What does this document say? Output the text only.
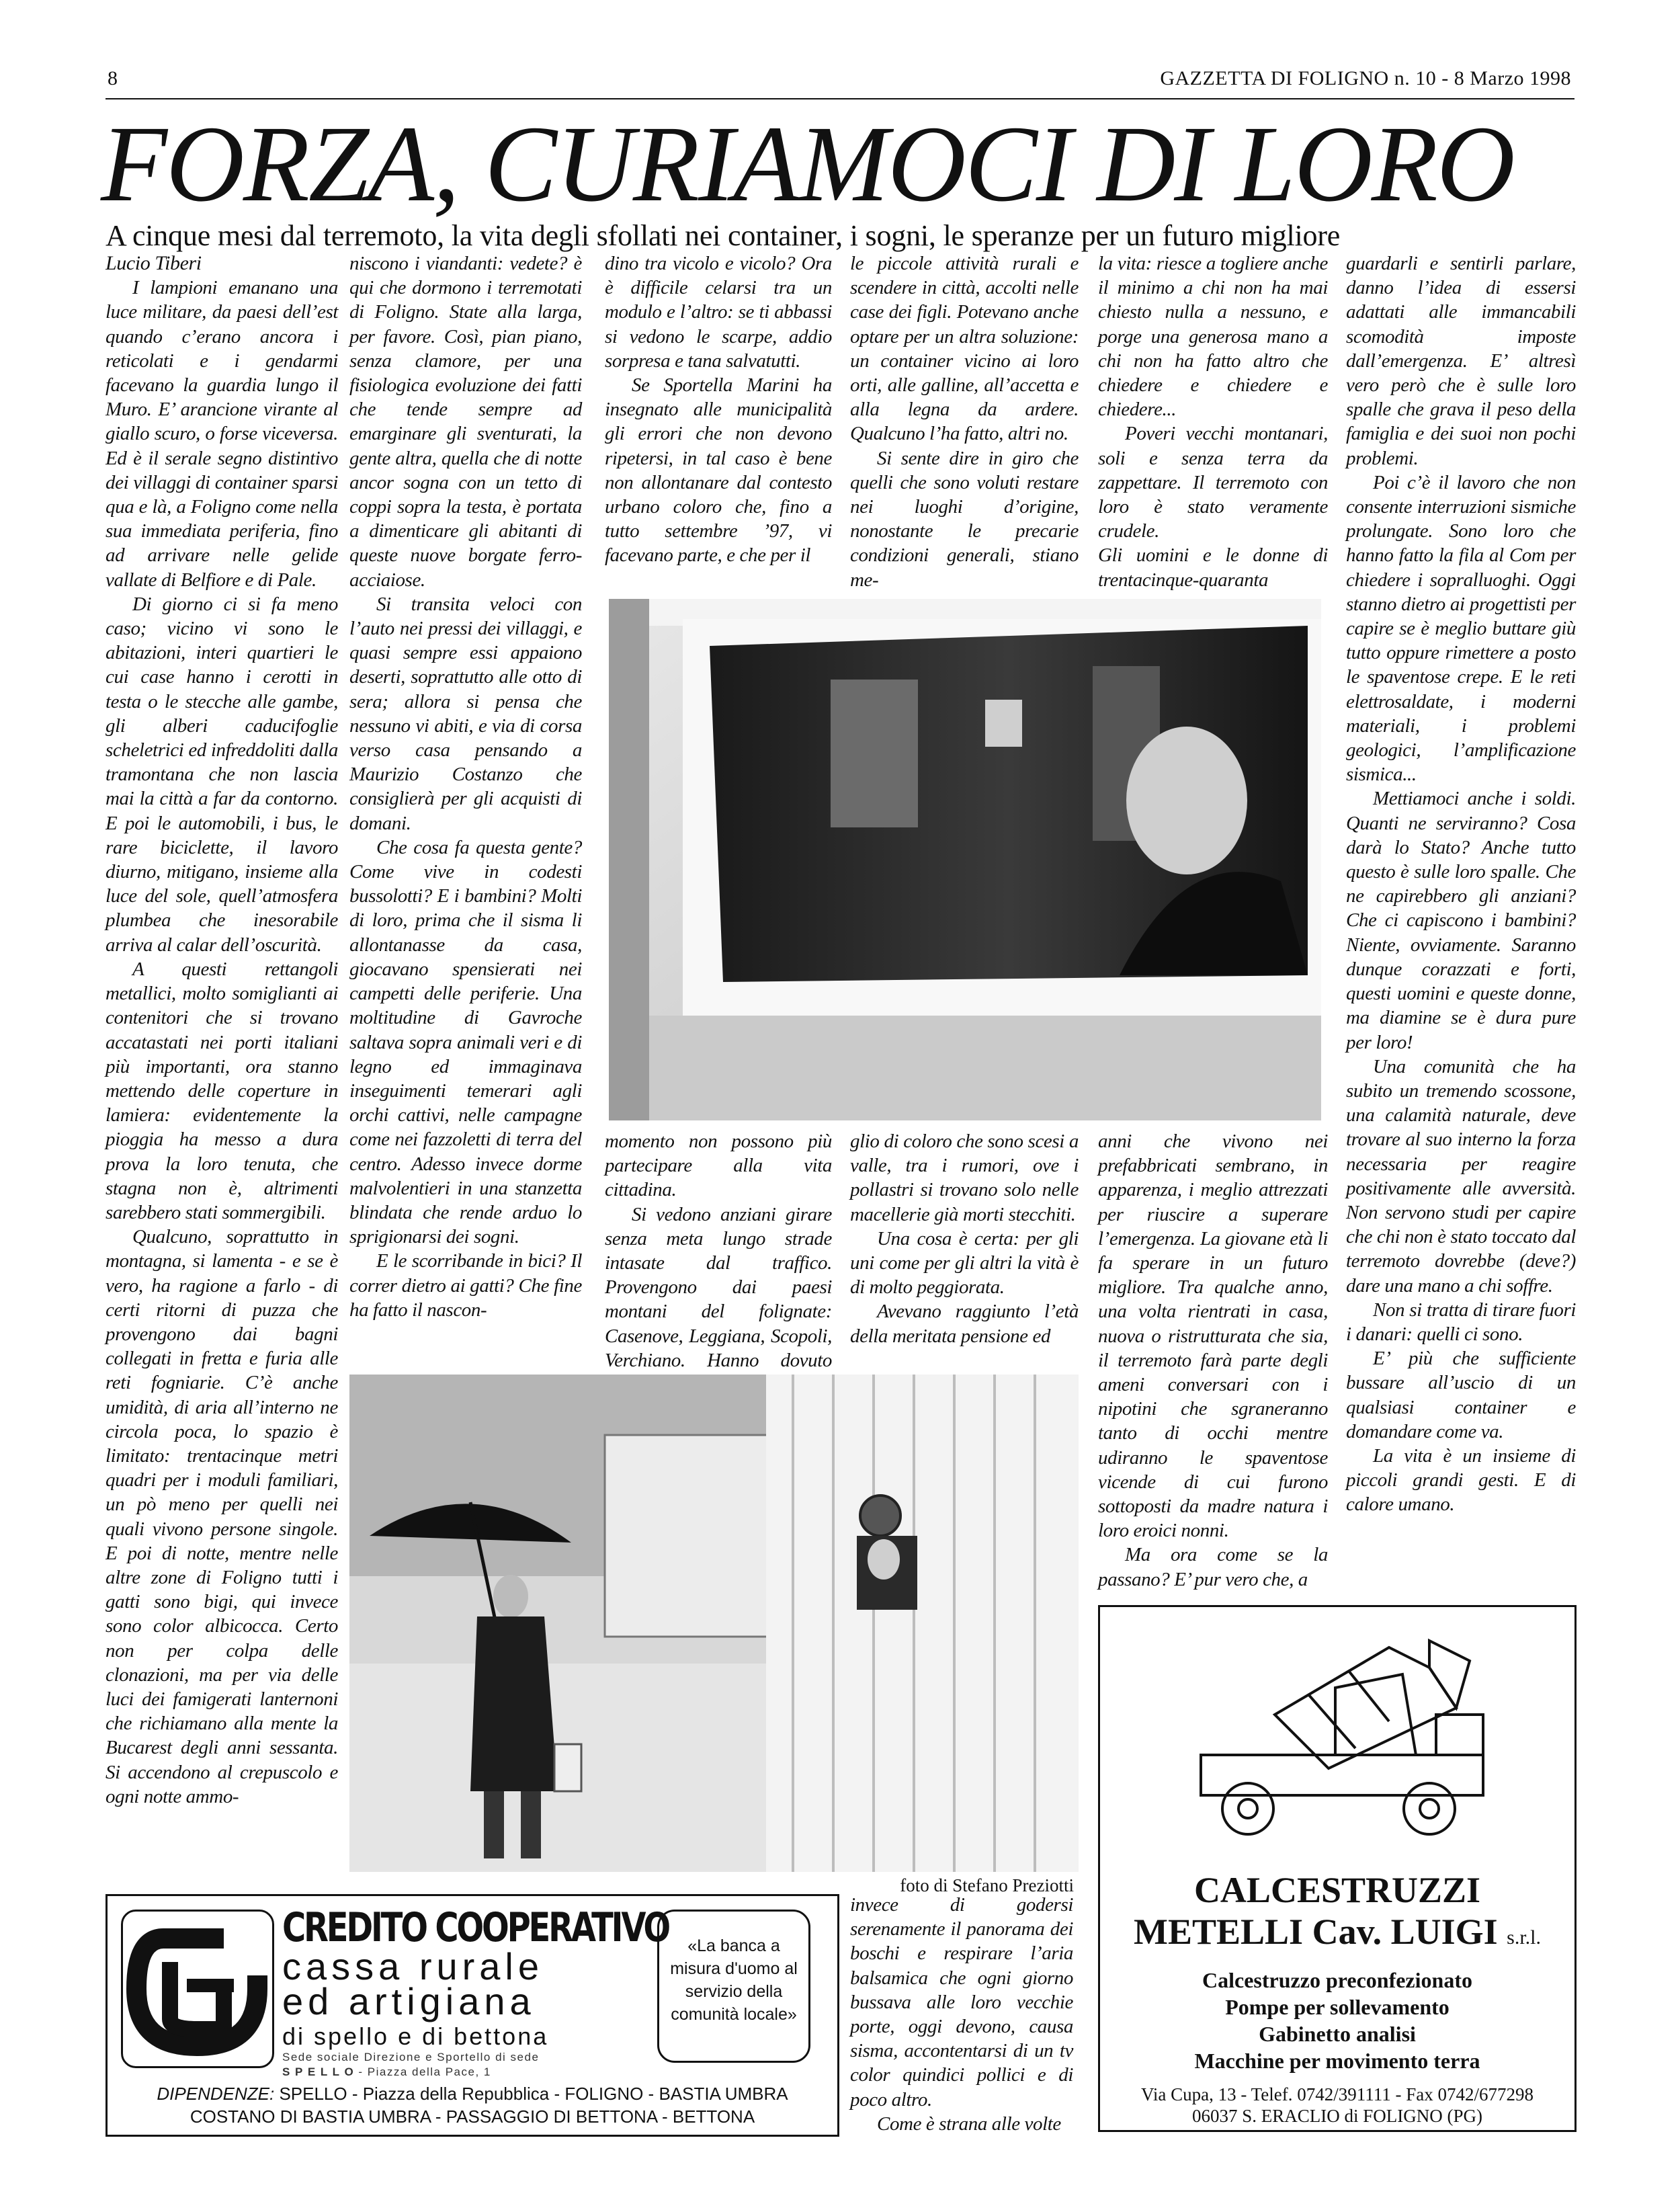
8	GAZZETTA DI FOLIGNO n. 10 - 8 Marzo 1998
FORZA, CURIAMOCI DI LORO
A cinque mesi dal terremoto, la vita degli sfollati nei container, i sogni, le speranze per un futuro migliore

Lucio Tiberi

I lampioni emanano una luce militare, da paesi dell’est quando c’erano ancora i reticolati e i gendarmi facevano la guardia lungo il Muro. E’ arancione virante al giallo scuro, o forse viceversa. Ed è il serale segno distintivo dei villaggi di container sparsi qua e là, a Foligno come nella sua immediata periferia, fino ad arrivare nelle gelide vallate di Belfiore e di Pale.

Di giorno ci si fa meno caso; vicino vi sono le abitazioni, interi quartieri le cui case hanno i cerotti in testa o le stecche alle gambe, gli alberi caducifoglie scheletrici ed infreddoliti dalla tramontana che non lascia mai la città a far da contorno. E poi le automobili, i bus, le rare biciclette, il lavoro diurno, mitigano, insieme alla luce del sole, quell’atmosfera plumbea che inesorabile arriva al calar dell’oscurità.

A questi rettangoli metallici, molto somiglianti ai contenitori che si trovano accatastati nei porti italiani più importanti, ora stanno mettendo delle coperture in lamiera: evidentemente la pioggia ha messo a dura prova la loro tenuta, che stagna non è, altrimenti sarebbero stati sommergibili.

Qualcuno, soprattutto in montagna, si lamenta - e se è vero, ha ragione a farlo - di certi ritorni di puzza che provengono dai bagni collegati in fretta e furia alle reti fogniarie. C’è anche umidità, di aria all’interno ne circola poca, lo spazio è limitato: trentacinque metri quadri per i moduli familiari, un pò meno per quelli nei quali vivono persone singole. E poi di notte, mentre nelle altre zone di Foligno tutti i gatti sono bigi, qui invece sono color albicocca. Certo non per colpa delle clonazioni, ma per via delle luci dei famigerati lanternoni che richiamano alla mente la Bucarest degli anni sessanta. Si accendono al crepuscolo e ogni notte ammo-

niscono i viandanti: vedete? è qui che dormono i terremotati di Foligno. State alla larga, per favore. Così, pian piano, senza clamore, per una fisiologica evoluzione dei fatti che tende sempre ad emarginare gli sventurati, la gente altra, quella che di notte ancor sogna con un tetto di coppi sopra la testa, è portata a dimenticare gli abitanti di queste nuove borgate ferro-acciaiose.

Si transita veloci con l’auto nei pressi dei villaggi, e quasi sempre essi appaiono deserti, soprattutto alle otto di sera; allora si pensa che nessuno vi abiti, e via di corsa verso casa pensando a Maurizio Costanzo che consiglierà per gli acquisti di domani.

Che cosa fa questa gente? Come vive in codesti bussolotti? E i bambini? Molti di loro, prima che il sisma li allontanasse da casa, giocavano spensierati nei campetti delle periferie. Una moltitudine di Gavroche saltava sopra animali veri e di legno ed immaginava inseguimenti temerari agli orchi cattivi, nelle campagne come nei fazzoletti di terra del centro. Adesso invece dorme malvolentieri in una stanzetta blindata che rende arduo lo sprigionarsi dei sogni.

E le scorribande in bici? Il correr dietro ai gatti? Che fine ha fatto il nascon-

dino tra vicolo e vicolo? Ora è difficile celarsi tra un modulo e l’altro: se ti abbassi si vedono le scarpe, addio sorpresa e tana salvatutti.

Se Sportella Marini ha insegnato alle municipalità gli errori che non devono ripetersi, in tal caso è bene non allontanare dal contesto urbano coloro che, fino a tutto settembre ’97, vi facevano parte, e che per il

momento non possono più partecipare alla vita cittadina.

Si vedono anziani girare senza meta lungo strade intasate dal traffico. Provengono dai paesi montani del folignate: Casenove, Leggiana, Scopoli, Verchiano. Hanno dovuto

le piccole attività rurali e scendere in città, accolti nelle case dei figli. Potevano anche optare per un altra soluzione: un container vicino ai loro orti, alle galline, all’accetta e alla legna da ardere. Qualcuno l’ha fatto, altri no.

Si sente dire in giro che quelli che sono voluti restare nei luoghi d’origine, nonostante le precarie condizioni generali, stiano me-

glio di coloro che sono scesi a valle, tra i rumori, ove i pollastri si trovano solo nelle macellerie già morti stecchiti.

Una cosa è certa: per gli uni come per gli altri la vità è di molto peggiorata.

Avevano raggiunto l’età della meritata pensione ed

invece di godersi serenamente il panorama dei boschi e respirare l’aria balsamica che ogni giorno bussava alle loro vecchie porte, oggi devono, causa sisma, accontentarsi di un tv color quindici pollici e di poco altro.

Come è strana alle volte

la vita: riesce a togliere anche il minimo a chi non ha mai chiesto nulla a nessuno, e porge una generosa mano a chi non ha fatto altro che chiedere e chiedere e chiedere...

Poveri vecchi montanari, soli e senza terra da zappettare. Il terremoto con loro è stato veramente crudele.

Gli uomini e le donne di trentacinque-quaranta

anni che vivono nei prefabbricati sembrano, in apparenza, i meglio attrezzati per riuscire a superare l’emergenza. La giovane età li fa sperare in un futuro migliore. Tra qualche anno, una volta rientrati in casa, nuova o ristrutturata che sia, il terremoto farà parte degli ameni conversari con i nipotini che sgraneranno tanto di occhi mentre udiranno le spaventose vicende di cui furono sottoposti da madre natura i loro eroici nonni.

Ma ora come se la passano? E’ pur vero che, a

guardarli e sentirli parlare, danno l’idea di essersi adattati alle immancabili scomodità imposte dall’emergenza. E’ altresì vero però che è sulle loro spalle che grava il peso della famiglia e dei suoi non pochi problemi.

Poi c’è il lavoro che non consente interruzioni sismiche prolungate. Sono loro che hanno fatto la fila al Com per chiedere i sopralluoghi. Oggi stanno dietro ai progettisti per capire se è meglio buttare giù tutto oppure rimettere a posto le spaventose crepe. E le reti elettrosaldate, i moderni materiali, i problemi geologici, l’amplificazione sismica...

Mettiamoci anche i soldi. Quanti ne serviranno? Cosa darà lo Stato? Anche tutto questo è sulle loro spalle. Che ne capirebbero gli anziani? Che ci capiscono i bambini? Niente, ovviamente. Saranno dunque corazzati e forti, questi uomini e queste donne, ma diamine se è dura pure per loro!

Una comunità che ha subito un tremendo scossone, una calamità naturale, deve trovare al suo interno la forza necessaria per reagire positivamente alle avversità. Non servono studi per capire che chi non è stato toccato dal terremoto dovrebbe (deve?) dare una mano a chi soffre.

Non si tratta di tirare fuori i danari: quelli ci sono.

E’ più che sufficiente bussare all’uscio di un qualsiasi container e domandare come va.

La vita è un insieme di piccoli grandi gesti. E di calore umano.

foto di Stefano Preziotti
CREDITO COOPERATIVO
cassa rurale
ed artigiana
di spello e di bettona
Sede sociale Direzione e Sportello di sede
S P E L L O - Piazza della Pace, 1
«La banca a misura d'uomo al servizio della comunità locale»
DIPENDENZE: SPELLO - Piazza della Repubblica - FOLIGNO - BASTIA UMBRA
COSTANO DI BASTIA UMBRA - PASSAGGIO DI BETTONA - BETTONA
CALCESTRUZZI
METELLI Cav. LUIGI s.r.l.
Calcestruzzo preconfezionato
Pompe per sollevamento
Gabinetto analisi
Macchine per movimento terra
Via Cupa, 13 - Telef. 0742/391111 - Fax 0742/677298
06037 S. ERACLIO di FOLIGNO (PG)
